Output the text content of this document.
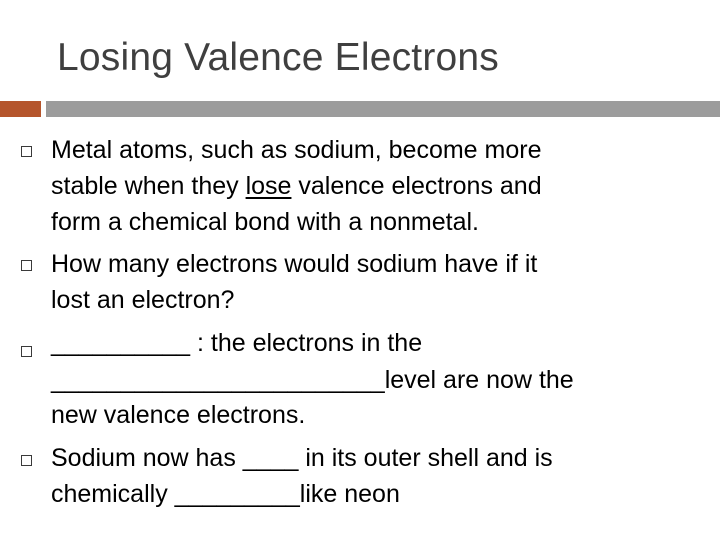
Losing Valence Electrons
Metal atoms, such as sodium, become more
stable when they lose valence electrons and
form a chemical bond with a nonmetal.
How many electrons would sodium have if it
lost an electron?
__________ : the electrons in the
________________________level are now the
new valence electrons.
Sodium now has ____ in its outer shell and is
chemically _________like neon
